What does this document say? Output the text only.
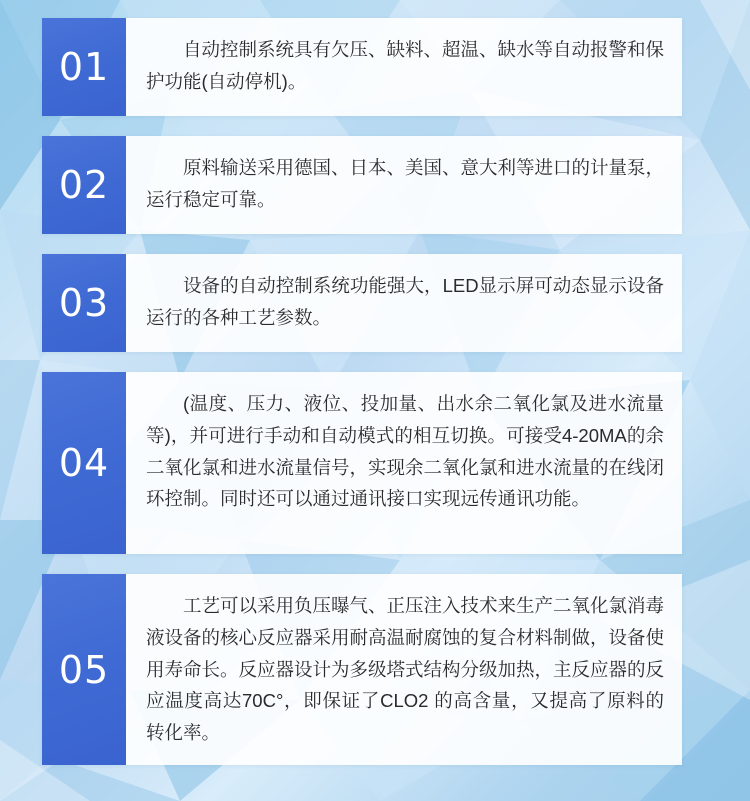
01	自动控制系统具有欠压、缺料、超温、缺水等自动报警和保护功能(自动停机)。

02	原料输送采用德国、日本、美国、意大利等进口的计量泵，运行稳定可靠。

03	设备的自动控制系统功能强大，LED显示屏可动态显示设备运行的各种工艺参数。

04

(温度、压力、液位、投加量、出水余二氧化氯及进水流量等)，并可进行手动和自动模式的相互切换。可接受4-20MA的余二氧化氯和进水流量信号，实现余二氧化氯和进水流量的在线闭环控制。同时还可以通过通讯接口实现远传通讯功能。

05

工艺可以采用负压曝气、正压注入技术来生产二氧化氯消毒液设备的核心反应器采用耐高温耐腐蚀的复合材料制做，设备使用寿命长。反应器设计为多级塔式结构分级加热，主反应器的反应温度高达70C°，即保证了CLO2 的高含量，又提高了原料的转化率。
